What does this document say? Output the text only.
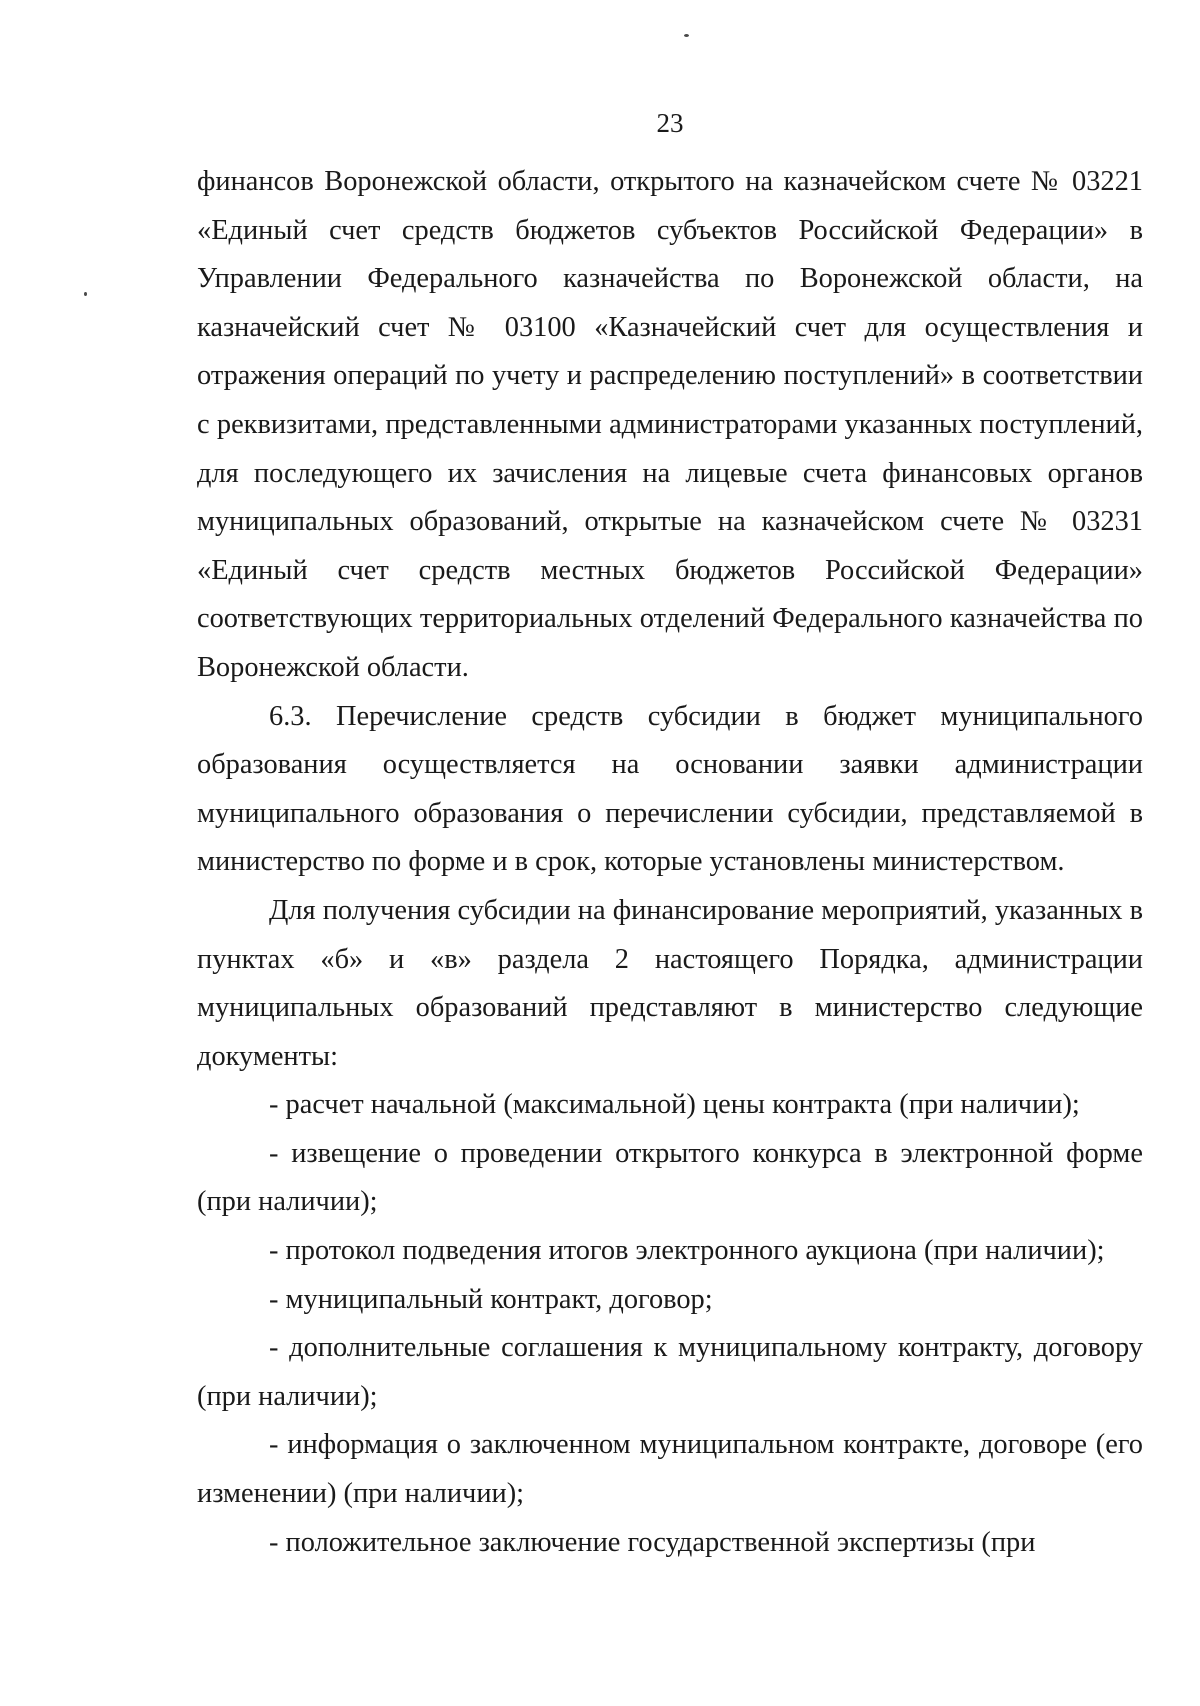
23

финансов Воронежской области, открытого на казначейском счете № 03221 «Единый счет средств бюджетов субъектов Российской Федерации» в Управлении Федерального казначейства по Воронежской области, на казначейский счет № 03100 «Казначейский счет для осуществления и отражения операций по учету и распределению поступлений» в соответствии с реквизитами, представленными администраторами указанных поступлений, для последующего их зачисления на лицевые счета финансовых органов муниципальных образований, открытые на казначейском счете № 03231 «Единый счет средств местных бюджетов Российской Федерации» соответствующих территориальных отделений Федерального казначейства по Воронежской области.

6.3. Перечисление средств субсидии в бюджет муниципального образования осуществляется на основании заявки администрации муниципального образования о перечислении субсидии, представляемой в министерство по форме и в срок, которые установлены министерством.

Для получения субсидии на финансирование мероприятий, указанных в пунктах «б» и «в» раздела 2 настоящего Порядка, администрации муниципальных образований представляют в министерство следующие документы:

- расчет начальной (максимальной) цены контракта (при наличии);

- извещение о проведении открытого конкурса в электронной форме (при наличии);

- протокол подведения итогов электронного аукциона (при наличии);

- муниципальный контракт, договор;

- дополнительные соглашения к муниципальному контракту, договору (при наличии);

- информация о заключенном муниципальном контракте, договоре (его изменении) (при наличии);

- положительное заключение государственной экспертизы (при
